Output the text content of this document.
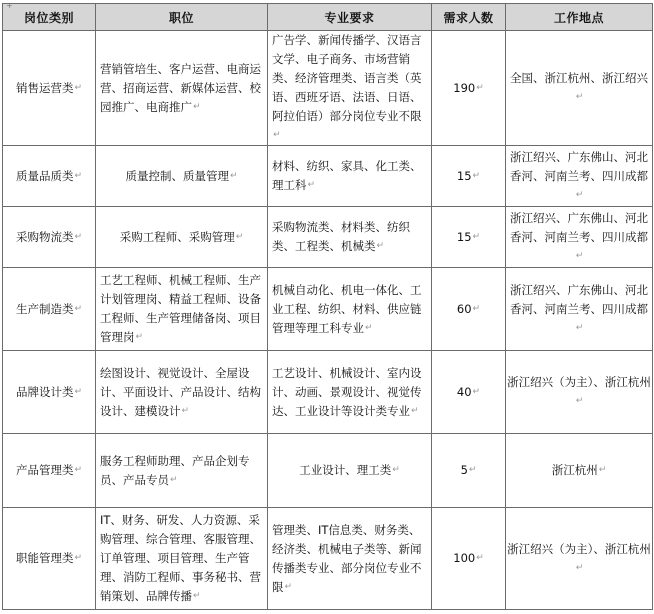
+
岗位类别	职位	专业要求	需求人数	工作地点
销售运营类↵	营销管培生、客户运营、电商运营、招商运营、新媒体运营、校园推广、电商推广↵	广告学、新闻传播学、汉语言文学、电子商务、市场营销类、经济管理类、语言类（英语、西班牙语、法语、日语、阿拉伯语）部分岗位专业不限↵	190↵	全国、浙江杭州、浙江绍兴↵
质量品质类↵	质量控制、质量管理↵	材料、纺织、家具、化工类、理工科↵	15↵	浙江绍兴、广东佛山、河北香河、河南兰考、四川成都↵
采购物流类↵	采购工程师、采购管理↵	采购物流类、材料类、纺织类、工程类、机械类↵	15↵	浙江绍兴、广东佛山、河北香河、河南兰考、四川成都↵
生产制造类↵	工艺工程师、机械工程师、生产计划管理岗、精益工程师、设备工程师、生产管理储备岗、项目管理岗↵	机械自动化、机电一体化、工业工程、纺织、材料、供应链管理等理工科专业↵	60↵	浙江绍兴、广东佛山、河北香河、河南兰考、四川成都↵
品牌设计类↵	绘图设计、视觉设计、全屋设计、平面设计、产品设计、结构设计、建模设计↵	工艺设计、机械设计、室内设计、动画、景观设计、视觉传达、工业设计等设计类专业↵	40↵	浙江绍兴（为主）、浙江杭州↵
产品管理类↵	服务工程师助理、产品企划专员、产品专员↵	工业设计、理工类↵	5↵	浙江杭州↵
职能管理类↵	IT、财务、研发、人力资源、采购管理、综合管理、客服管理、订单管理、项目管理、生产管理、消防工程师、事务秘书、营销策划、品牌传播↵	管理类、IT信息类、财务类、经济类、机械电子类等、新闻传播类专业、部分岗位专业不限↵	100↵	浙江绍兴（为主）、浙江杭州↵
